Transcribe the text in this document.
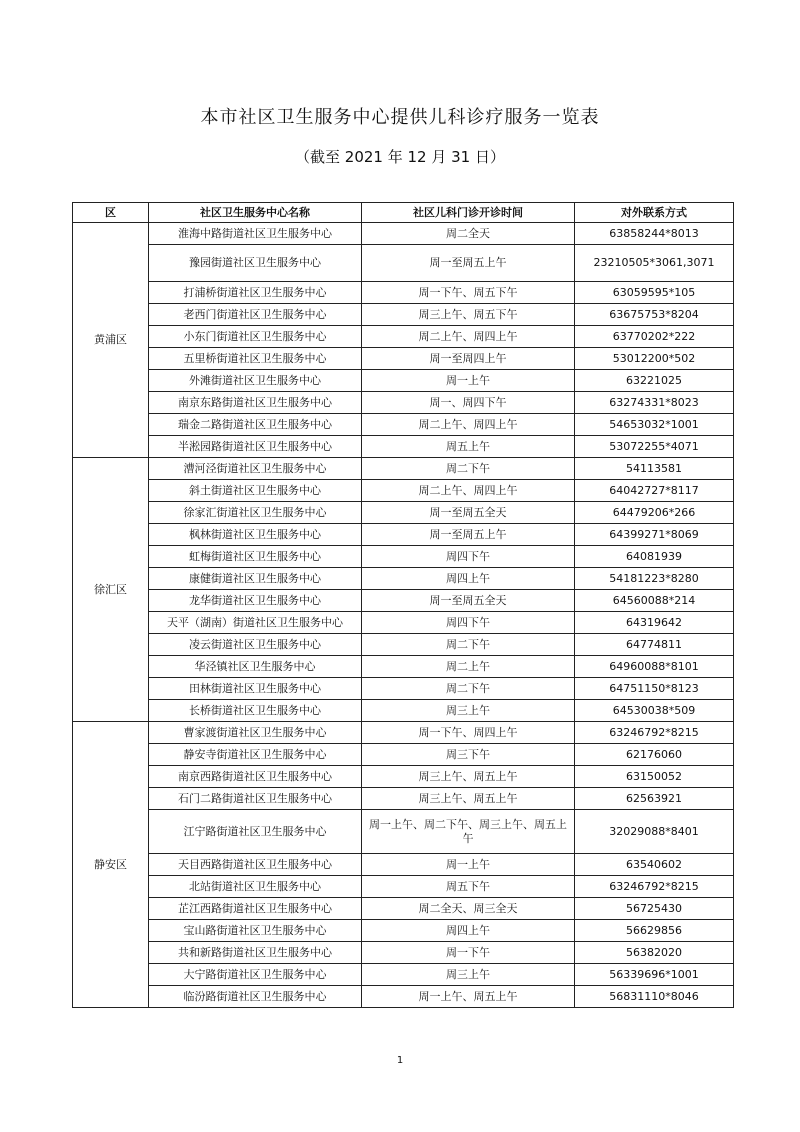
本市社区卫生服务中心提供儿科诊疗服务一览表
（截至 2021 年 12 月 31 日）
区	社区卫生服务中心名称	社区儿科门诊开诊时间	对外联系方式
黄浦区	淮海中路街道社区卫生服务中心	周二全天	63858244*8013
	豫园街道社区卫生服务中心	周一至周五上午	23210505*3061,3071
	打浦桥街道社区卫生服务中心	周一下午、周五下午	63059595*105
	老西门街道社区卫生服务中心	周三上午、周五下午	63675753*8204
	小东门街道社区卫生服务中心	周二上午、周四上午	63770202*222
	五里桥街道社区卫生服务中心	周一至周四上午	53012200*502
	外滩街道社区卫生服务中心	周一上午	63221025
	南京东路街道社区卫生服务中心	周一、周四下午	63274331*8023
	瑞金二路街道社区卫生服务中心	周二上午、周四上午	54653032*1001
	半淞园路街道社区卫生服务中心	周五上午	53072255*4071
徐汇区	漕河泾街道社区卫生服务中心	周二下午	54113581
	斜土街道社区卫生服务中心	周二上午、周四上午	64042727*8117
	徐家汇街道社区卫生服务中心	周一至周五全天	64479206*266
	枫林街道社区卫生服务中心	周一至周五上午	64399271*8069
	虹梅街道社区卫生服务中心	周四下午	64081939
	康健街道社区卫生服务中心	周四上午	54181223*8280
	龙华街道社区卫生服务中心	周一至周五全天	64560088*214
	天平（湖南）街道社区卫生服务中心	周四下午	64319642
	凌云街道社区卫生服务中心	周二下午	64774811
	华泾镇社区卫生服务中心	周二上午	64960088*8101
	田林街道社区卫生服务中心	周二下午	64751150*8123
	长桥街道社区卫生服务中心	周三上午	64530038*509
静安区	曹家渡街道社区卫生服务中心	周一下午、周四上午	63246792*8215
	静安寺街道社区卫生服务中心	周三下午	62176060
	南京西路街道社区卫生服务中心	周三上午、周五上午	63150052
	石门二路街道社区卫生服务中心	周三上午、周五上午	62563921
	江宁路街道社区卫生服务中心	周一上午、周二下午、周三上午、周五上午	32029088*8401
	天目西路街道社区卫生服务中心	周一上午	63540602
	北站街道社区卫生服务中心	周五下午	63246792*8215
	芷江西路街道社区卫生服务中心	周二全天、周三全天	56725430
	宝山路街道社区卫生服务中心	周四上午	56629856
	共和新路街道社区卫生服务中心	周一下午	56382020
	大宁路街道社区卫生服务中心	周三上午	56339696*1001
	临汾路街道社区卫生服务中心	周一上午、周五上午	56831110*8046
1
